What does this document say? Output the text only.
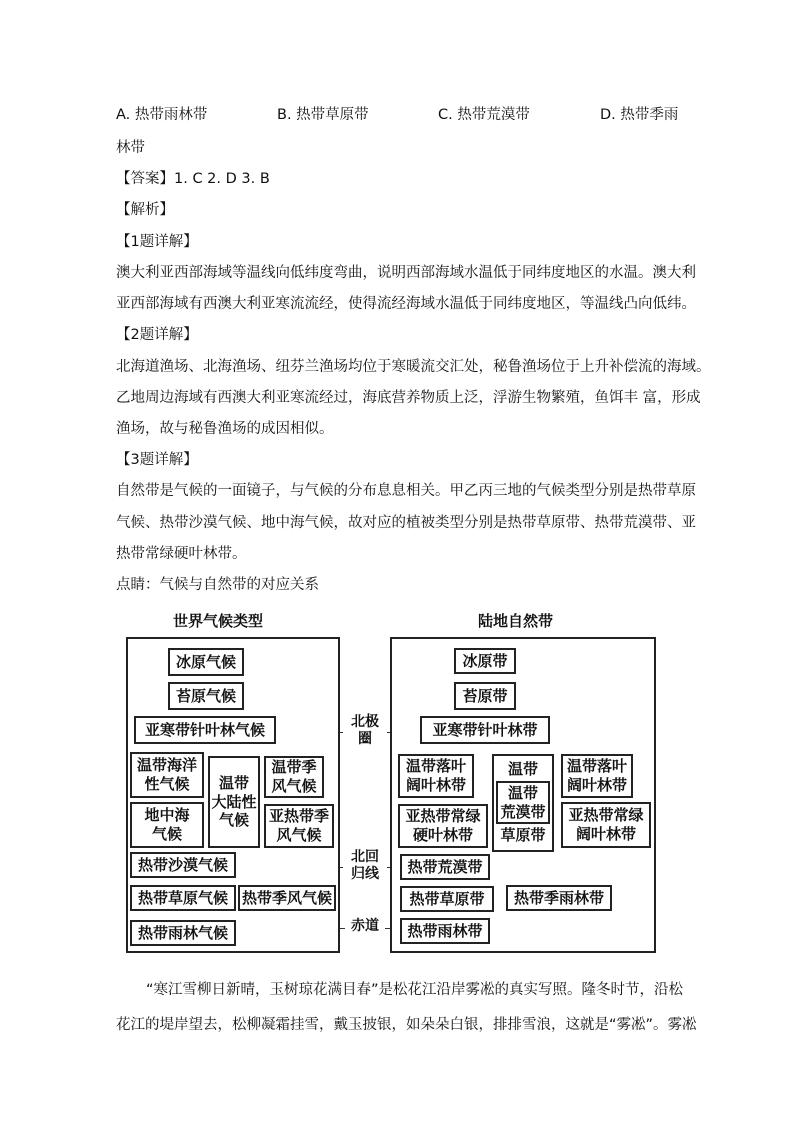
A. 热带雨林带	B. 热带草原带	C. 热带荒漠带	D. 热带季雨
林带
【答案】1. C 2. D 3. B
【解析】
【1题详解】
澳大利亚西部海域等温线向低纬度弯曲，说明西部海域水温低于同纬度地区的水温。澳大利
亚西部海域有西澳大利亚寒流流经，使得流经海域水温低于同纬度地区，等温线凸向低纬。
【2题详解】
北海道渔场、北海渔场、纽芬兰渔场均位于寒暖流交汇处，秘鲁渔场位于上升补偿流的海域。
乙地周边海域有西澳大利亚寒流经过，海底营养物质上泛，浮游生物繁殖，鱼饵丰 富，形成
渔场，故与秘鲁渔场的成因相似。
【3题详解】
自然带是气候的一面镜子，与气候的分布息息相关。甲乙丙三地的气候类型分别是热带草原
气候、热带沙漠气候、地中海气候，故对应的植被类型分别是热带草原带、热带荒漠带、亚
热带常绿硬叶林带。
点睛：气候与自然带的对应关系
世界气候类型	陆地自然带
北极
圈
北回
归线
赤道
冰原气候
苔原气候
亚寒带针叶林气候
温带海洋
性气候	温带
大陆性
气候
温带季
风气候
地中海
气候
亚热带季
风气候
热带沙漠气候
热带草原气候 热带季风气候
热带雨林气候
冰原带
苔原带
亚寒带针叶林带
温带落叶
阔叶林带
温带
温带
荒漠带
草原带
温带落叶
阔叶林带
亚热带常绿
硬叶林带
亚热带常绿
阔叶林带
热带荒漠带
热带草原带	热带季雨林带
热带雨林带
“寒江雪柳日新晴，玉树琼花满目春”是松花江沿岸雾凇的真实写照。隆冬时节，沿松
花江的堤岸望去，松柳凝霜挂雪，戴玉披银，如朵朵白银，排排雪浪，这就是“雾凇”。雾凇
